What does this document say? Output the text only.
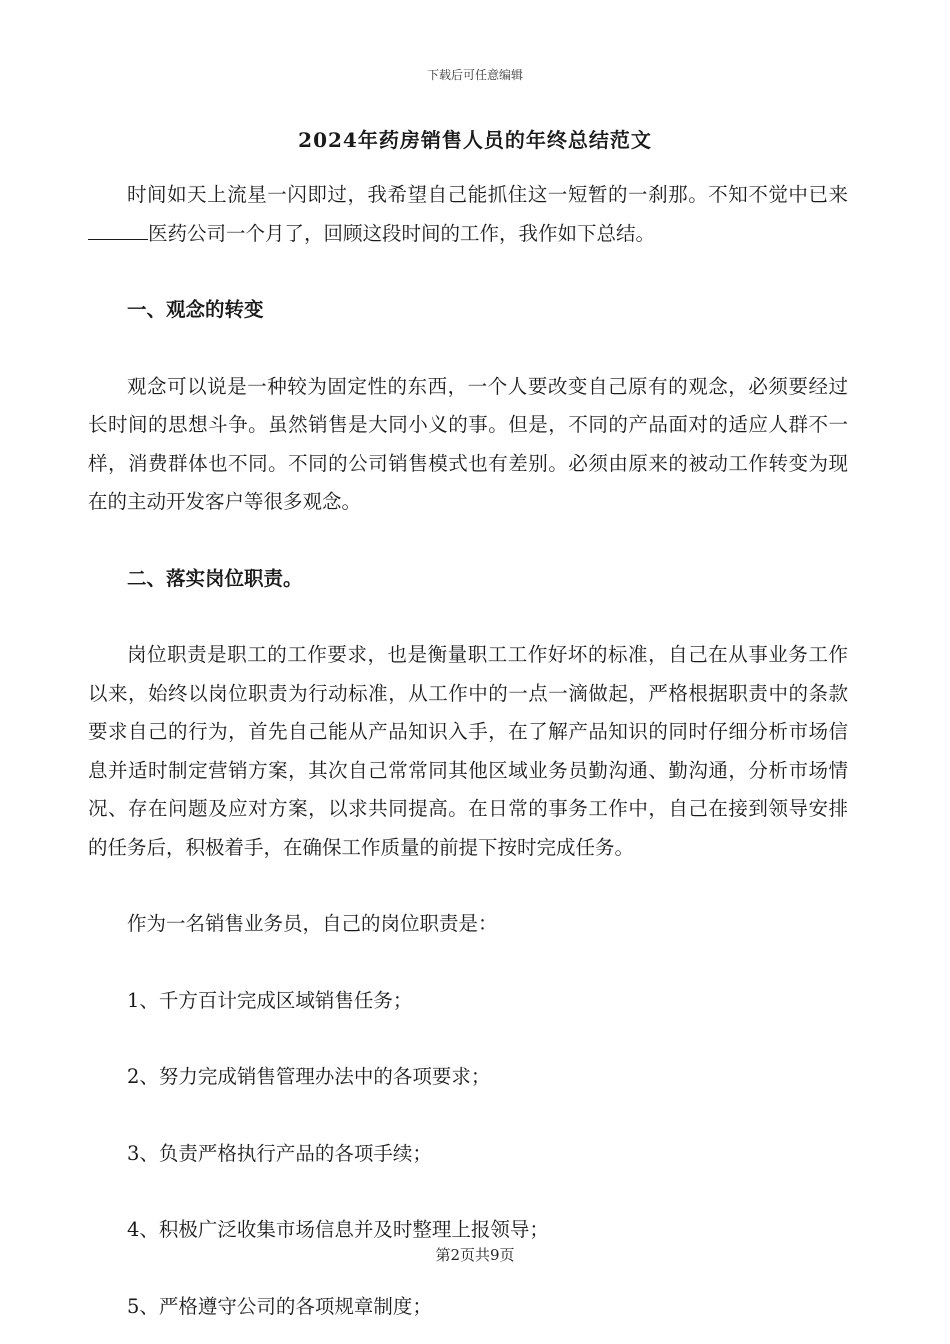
下载后可任意编辑
2024年药房销售人员的年终总结范文

时间如天上流星一闪即过，我希望自己能抓住这一短暂的一刹那。不知不觉中已来医药公司一个月了，回顾这段时间的工作，我作如下总结。

一、观念的转变

观念可以说是一种较为固定性的东西，一个人要改变自己原有的观念，必须要经过长时间的思想斗争。虽然销售是大同小义的事。但是，不同的产品面对的适应人群不一样，消费群体也不同。不同的公司销售模式也有差别。必须由原来的被动工作转变为现在的主动开发客户等很多观念。

二、落实岗位职责。

岗位职责是职工的工作要求，也是衡量职工工作好坏的标准，自己在从事业务工作以来，始终以岗位职责为行动标准，从工作中的一点一滴做起，严格根据职责中的条款要求自己的行为，首先自己能从产品知识入手，在了解产品知识的同时仔细分析市场信息并适时制定营销方案，其次自己常常同其他区域业务员勤沟通、勤沟通，分析市场情况、存在问题及应对方案，以求共同提高。在日常的事务工作中，自己在接到领导安排的任务后，积极着手，在确保工作质量的前提下按时完成任务。

作为一名销售业务员，自己的岗位职责是：

1、千方百计完成区域销售任务；

2、努力完成销售管理办法中的各项要求；

3、负责严格执行产品的各项手续；

4、积极广泛收集市场信息并及时整理上报领导；

5、严格遵守公司的各项规章制度；

第2页共9页
